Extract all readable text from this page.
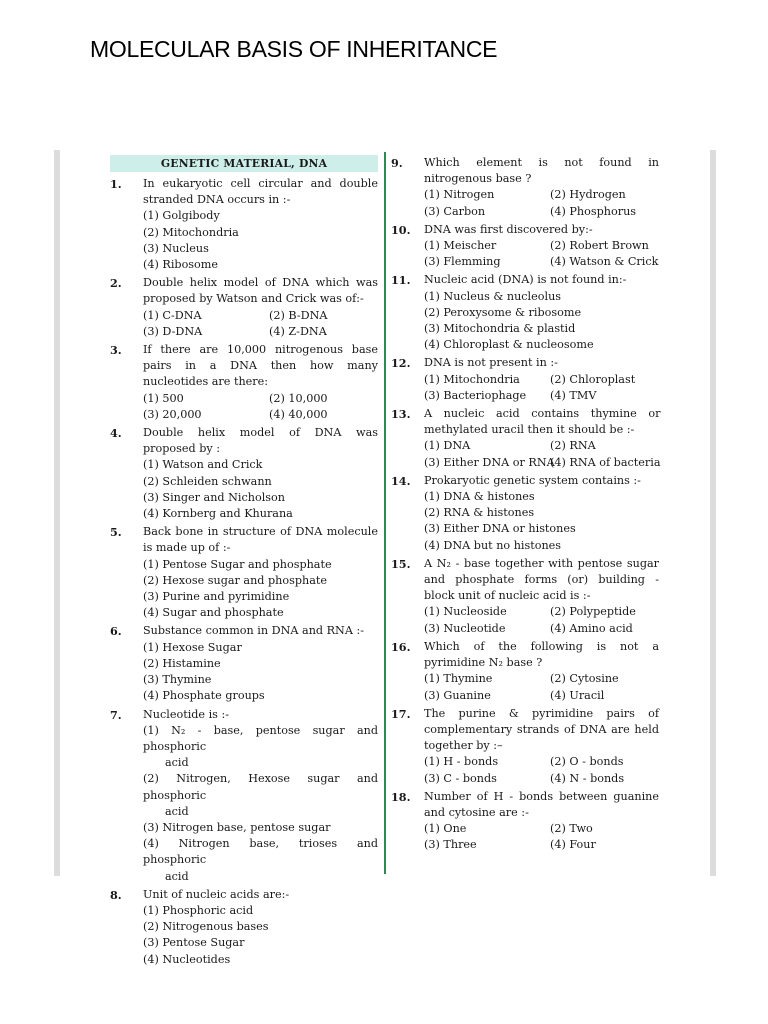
MOLECULAR BASIS OF INHERITANCE
GENETIC MATERIAL, DNA
1.	In eukaryotic cell circular and double stranded DNA occurs in :-
(1) Golgibody
(2) Mitochondria
(3) Nucleus
(4) Ribosome
2.	Double helix model of DNA which was proposed by Watson and Crick was of:-
(1) C-DNA	(2) B-DNA
(3) D-DNA	(4) Z-DNA
3.	If there are 10,000 nitrogenous base pairs in a DNA then how many nucleotides are there:
(1) 500	(2) 10,000
(3) 20,000	(4) 40,000
4.	Double helix model of DNA was proposed by :
(1) Watson and Crick
(2) Schleiden schwann
(3) Singer and Nicholson
(4) Kornberg and Khurana
5.	Back bone in structure of DNA molecule is made up of :-
(1) Pentose Sugar and phosphate
(2) Hexose sugar and phosphate
(3) Purine and pyrimidine
(4) Sugar and phosphate
6.	Substance common in DNA and RNA :-
(1) Hexose Sugar
(2) Histamine
(3) Thymine
(4) Phosphate groups
7.	Nucleotide is :-
(1) N₂ - base, pentose sugar and phosphoric
acid
(2) Nitrogen, Hexose sugar and phosphoric
acid
(3) Nitrogen base, pentose sugar
(4) Nitrogen base, trioses and phosphoric
acid
8.	Unit of nucleic acids are:-
(1) Phosphoric acid
(2) Nitrogenous bases
(3) Pentose Sugar
(4) Nucleotides
9.	Which element is not found in nitrogenous base ?
(1) Nitrogen	(2) Hydrogen
(3) Carbon	(4) Phosphorus
10.	DNA was first discovered by:-
(1) Meischer	(2) Robert Brown
(3) Flemming	(4) Watson & Crick
11.	Nucleic acid (DNA) is not found in:-
(1) Nucleus & nucleolus
(2) Peroxysome & ribosome
(3) Mitochondria & plastid
(4) Chloroplast & nucleosome
12.	DNA is not present in :-
(1) Mitochondria	(2) Chloroplast
(3) Bacteriophage	(4) TMV
13.	A nucleic acid contains thymine or methylated uracil then it should be :-
(1) DNA	(2) RNA
(3) Either DNA or RNA
(4) RNA of bacteria
14.	Prokaryotic genetic system contains :-
(1) DNA & histones
(2) RNA & histones
(3) Either DNA or histones
(4) DNA but no histones
15.	A N₂ - base together with pentose sugar and phosphate forms (or) building - block unit of nucleic acid is :-
(1) Nucleoside	(2) Polypeptide
(3) Nucleotide	(4) Amino acid
16.	Which of the following is not a pyrimidine N₂ base ?
(1) Thymine	(2) Cytosine
(3) Guanine	(4) Uracil
17.	The purine & pyrimidine pairs of complementary strands of DNA are held together by :–
(1) H - bonds	(2) O - bonds
(3) C - bonds	(4) N - bonds
18.	Number of H - bonds between guanine and cytosine are :-
(1) One	(2) Two
(3) Three	(4) Four
